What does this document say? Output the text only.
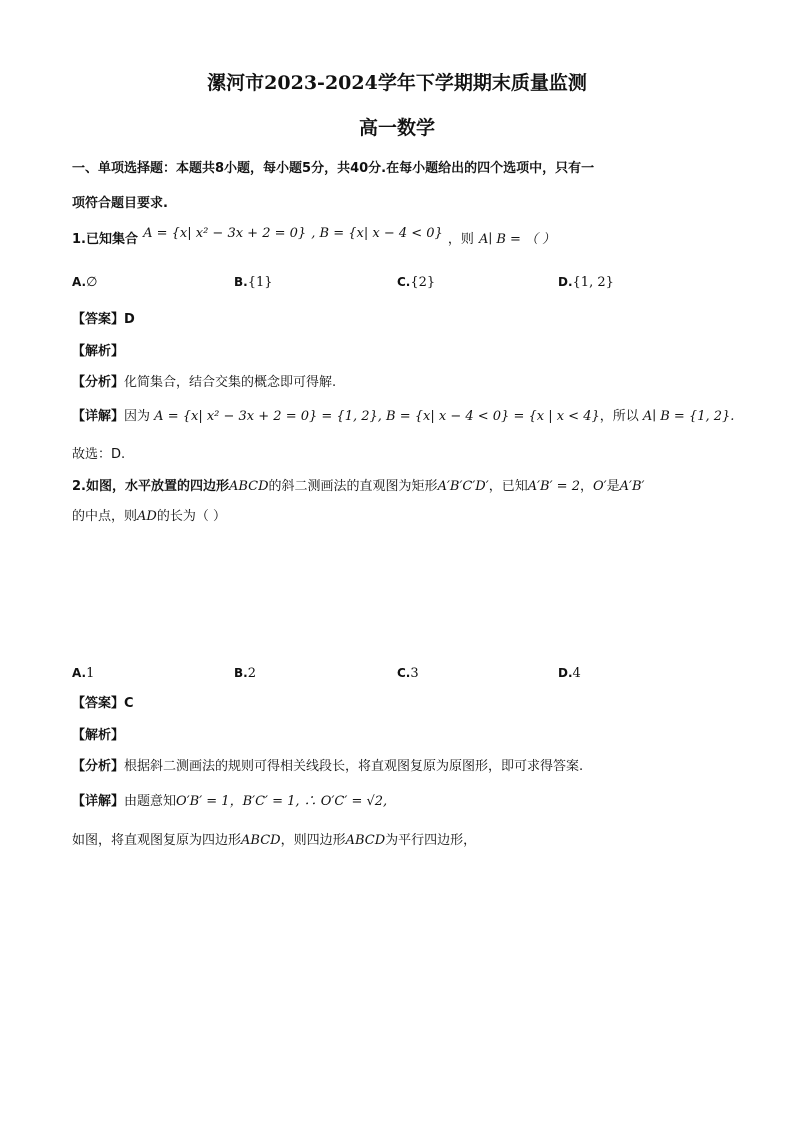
漯河市2023-2024学年下学期期末质量监测
高一数学
一、单项选择题：本题共8小题，每小题5分，共40分.在每小题给出的四个选项中，只有一
项符合题目要求.
1.已知集合 $^{A = \{x| x^2 - 3x + 2 = 0\}}$ $^{, B = \{x| x - 4 < 0\}}$ ，则 A∣ B = （ ）
A.∅	B.{1}	C.{2}	D.{1, 2}
【答案】D
【解析】
【分析】化简集合，结合交集的概念即可得解.
【详解】因为 A = {x| x² − 3x + 2 = 0} = {1, 2}, B = {x| x − 4 < 0} = {x | x < 4}，所以 A∣ B = {1, 2}.
故选：D.
2.如图，水平放置的四边形ABCD的斜二测画法的直观图为矩形A′B′C′D′，已知A′B′ = 2，O′是A′B′
的中点，则AD的长为（ ）
A.1	B.2	C.3	D.4
【答案】C
【解析】
【分析】根据斜二测画法的规则可得相关线段长，将直观图复原为原图形，即可求得答案.
【详解】由题意知O′B′ = 1，B′C′ = 1, ∴ O′C′ = √2,
如图，将直观图复原为四边形ABCD，则四边形ABCD为平行四边形，
